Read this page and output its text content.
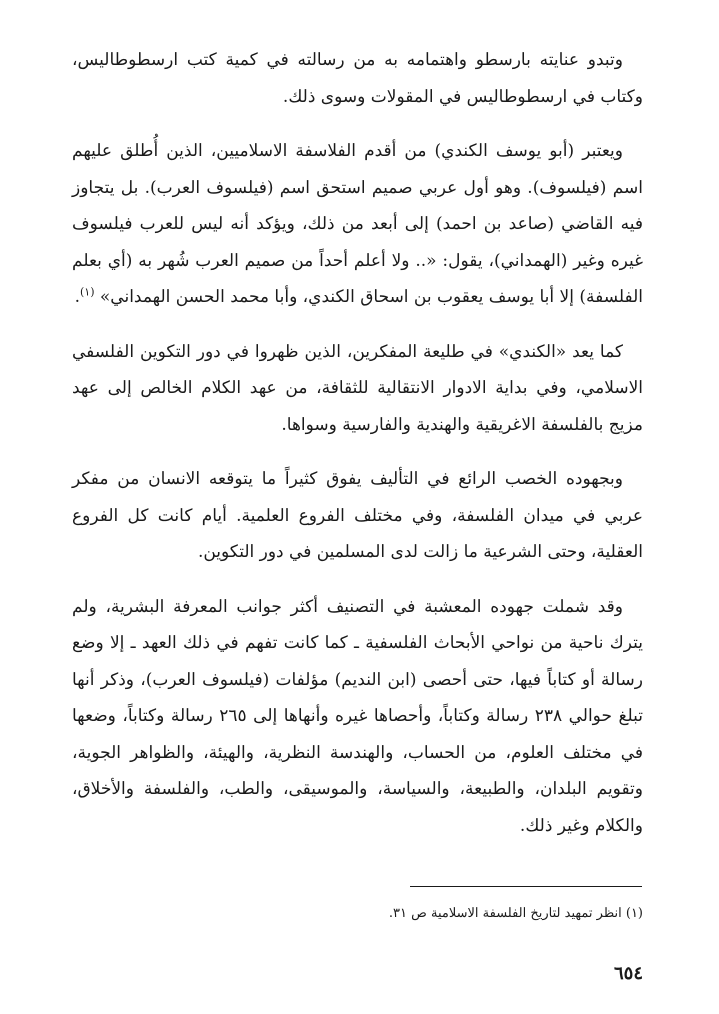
وتبدو عنايته بارسطو واهتمامه به من رسالته في كمية كتب ارسطوطاليس، وكتاب في ارسطوطاليس في المقولات وسوى ذلك.

ويعتبر (أبو يوسف الكندي) من أقدم الفلاسفة الاسلاميين، الذين أُطلق عليهم اسم (فيلسوف). وهو أول عربي صميم استحق اسم (فيلسوف العرب). بل يتجاوز فيه القاضي (صاعد بن احمد) إلى أبعد من ذلك، ويؤكد أنه ليس للعرب فيلسوف غيره وغير (الهمداني)، يقول: «.. ولا أعلم أحداً من صميم العرب شُهر به (أي بعلم الفلسفة) إلا أبا يوسف يعقوب بن اسحاق الكندي، وأبا محمد الحسن الهمداني» $^{(١)}$.

كما يعد «الكندي» في طليعة المفكرين، الذين ظهروا في دور التكوين الفلسفي الاسلامي، وفي بداية الادوار الانتقالية للثقافة، من عهد الكلام الخالص إلى عهد مزيج بالفلسفة الاغريقية والهندية والفارسية وسواها.

وبجهوده الخصب الرائع في التأليف يفوق كثيراً ما يتوقعه الانسان من مفكر عربي في ميدان الفلسفة، وفي مختلف الفروع العلمية. أيام كانت كل الفروع العقلية، وحتى الشرعية ما زالت لدى المسلمين في دور التكوين.

وقد شملت جهوده المعشبة في التصنيف أكثر جوانب المعرفة البشرية، ولم يترك ناحية من نواحي الأبحاث الفلسفية ـ كما كانت تفهم في ذلك العهد ـ إلا وضع رسالة أو كتاباً فيها، حتى أحصى (ابن النديم) مؤلفات (فيلسوف العرب)، وذكر أنها تبلغ حوالي ٢٣٨ رسالة وكتاباً، وأحصاها غيره وأنهاها إلى ٢٦٥ رسالة وكتاباً، وضعها في مختلف العلوم، من الحساب، والهندسة النظرية، والهيئة، والظواهر الجوية، وتقويم البلدان، والطبيعة، والسياسة، والموسيقى، والطب، والفلسفة والأخلاق، والكلام وغير ذلك.

(١) انظر تمهيد لتاريخ الفلسفة الاسلامية ص ٣١.
٦٥٤
